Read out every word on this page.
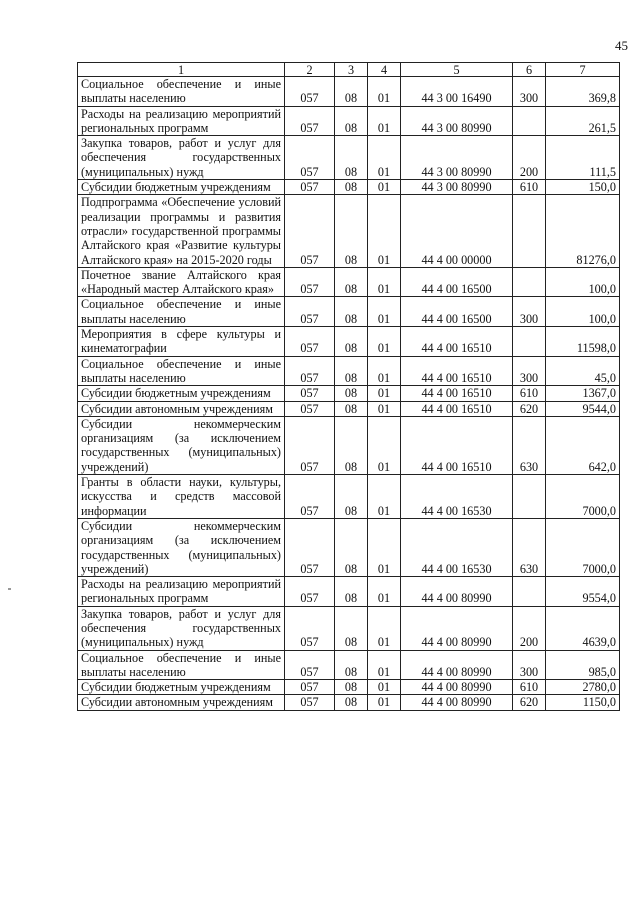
45
1	2	3	4	5	6	7
Социальное обеспечение и иные выплаты населению	057	08	01	44 3 00 16490	300	369,8
Расходы на реализацию мероприятий региональных программ	057	08	01	44 3 00 80990		261,5
Закупка товаров, работ и услуг для обеспечения государственных (муниципальных) нужд	057	08	01	44 3 00 80990	200	111,5
Субсидии бюджетным учреждениям	057	08	01	44 3 00 80990	610	150,0
Подпрограмма «Обеспечение условий реализации программы и развития отрасли» государственной программы Алтайского края «Развитие культуры Алтайского края» на 2015-2020 годы	057	08	01	44 4 00 00000		81276,0
Почетное звание Алтайского края «Народный мастер Алтайского края»	057	08	01	44 4 00 16500		100,0
Социальное обеспечение и иные выплаты населению	057	08	01	44 4 00 16500	300	100,0
Мероприятия в сфере культуры и кинематографии	057	08	01	44 4 00 16510		11598,0
Социальное обеспечение и иные выплаты населению	057	08	01	44 4 00 16510	300	45,0
Субсидии бюджетным учреждениям	057	08	01	44 4 00 16510	610	1367,0
Субсидии автономным учреждениям	057	08	01	44 4 00 16510	620	9544,0
Субсидии некоммерческим организациям (за исключением государственных (муниципальных) учреждений)	057	08	01	44 4 00 16510	630	642,0
Гранты в области науки, культуры, искусства и средств массовой информации	057	08	01	44 4 00 16530		7000,0
Субсидии некоммерческим организациям (за исключением государственных (муниципальных) учреждений)	057	08	01	44 4 00 16530	630	7000,0
Расходы на реализацию мероприятий региональных программ	057	08	01	44 4 00 80990		9554,0
Закупка товаров, работ и услуг для обеспечения государственных (муниципальных) нужд	057	08	01	44 4 00 80990	200	4639,0
Социальное обеспечение и иные выплаты населению	057	08	01	44 4 00 80990	300	985,0
Субсидии бюджетным учреждениям	057	08	01	44 4 00 80990	610	2780,0
Субсидии автономным учреждениям	057	08	01	44 4 00 80990	620	1150,0
